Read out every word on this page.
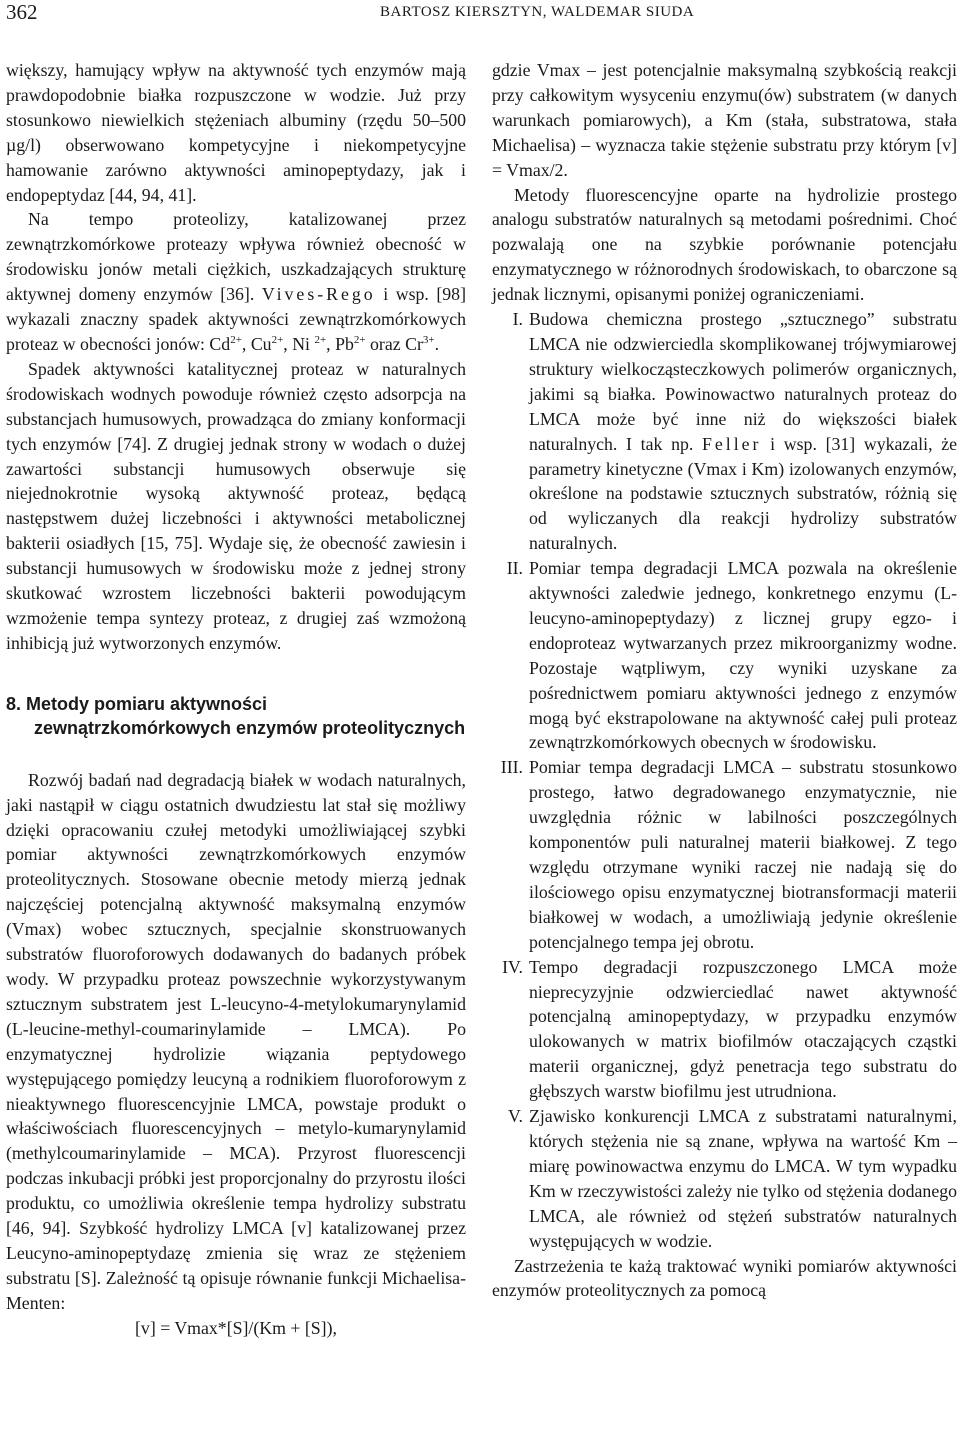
362	BARTOSZ KIERSZTYN, WALDEMAR SIUDA

większy, hamujący wpływ na aktywność tych enzymów mają prawdopodobnie białka rozpuszczone w wodzie. Już przy stosunkowo niewielkich stężeniach albuminy (rzędu 50–500 µg/l) obserwowano kompetycyjne i niekompetycyjne hamowanie zarówno aktywności aminopeptydazy, jak i endopeptydaz [44, 94, 41].

Na tempo proteolizy, katalizowanej przez zewnątrzkomórkowe proteazy wpływa również obecność w środowisku jonów metali ciężkich, uszkadzających strukturę aktywnej domeny enzymów [36]. Vives-Rego i wsp. [98] wykazali znaczny spadek aktywności zewnątrzkomórkowych proteaz w obecności jonów: $Cd^{2+}$, $Cu^{2+}$, Ni $^{2+}$, $Pb^{2+}$ oraz $Cr^{3+}$.

Spadek aktywności katalitycznej proteaz w naturalnych środowiskach wodnych powoduje również często adsorpcja na substancjach humusowych, prowadząca do zmiany konformacji tych enzymów [74]. Z drugiej jednak strony w wodach o dużej zawartości substancji humusowych obserwuje się niejednokrotnie wysoką aktywność proteaz, będącą następstwem dużej liczebności i aktywności metabolicznej bakterii osiadłych [15, 75]. Wydaje się, że obecność zawiesin i substancji humusowych w środowisku może z jednej strony skutkować wzrostem liczebności bakterii powodującym wzmożenie tempa syntezy proteaz, z drugiej zaś wzmożoną inhibicją już wytworzonych enzymów.

8. Metody pomiaru aktywności zewnątrzkomórkowych enzymów proteolitycznych

Rozwój badań nad degradacją białek w wodach naturalnych, jaki nastąpił w ciągu ostatnich dwudziestu lat stał się możliwy dzięki opracowaniu czułej metodyki umożliwiającej szybki pomiar aktywności zewnątrzkomórkowych enzymów proteolitycznych. Stosowane obecnie metody mierzą jednak najczęściej potencjalną aktywność maksymalną enzymów (Vmax) wobec sztucznych, specjalnie skonstruowanych substratów fluoroforowych dodawanych do badanych próbek wody. W przypadku proteaz powszechnie wykorzystywanym sztucznym substratem jest L-leucyno-4-metylokumarynylamid (L-leucine-methyl-coumarinylamide – LMCA). Po enzymatycznej hydrolizie wiązania peptydowego występującego pomiędzy leucyną a rodnikiem fluoroforowym z nieaktywnego fluorescencyjnie LMCA, powstaje produkt o właściwościach fluorescencyjnych – metylo-kumarynylamid (methylcoumarinylamide – MCA). Przyrost fluorescencji podczas inkubacji próbki jest proporcjonalny do przyrostu ilości produktu, co umożliwia określenie tempa hydrolizy substratu [46, 94]. Szybkość hydrolizy LMCA [v] katalizowanej przez Leucyno-aminopeptydazę zmienia się wraz ze stężeniem substratu [S]. Zależność tą opisuje równanie funkcji Michaelisa-Menten:

[v] = Vmax*[S]/(Km + [S]),

gdzie Vmax – jest potencjalnie maksymalną szybkością reakcji przy całkowitym wysyceniu enzymu(ów) substratem (w danych warunkach pomiarowych), a Km (stała, substratowa, stała Michaelisa) – wyznacza takie stężenie substratu przy którym [v] = Vmax/2.

Metody fluorescencyjne oparte na hydrolizie prostego analogu substratów naturalnych są metodami pośrednimi. Choć pozwalają one na szybkie porównanie potencjału enzymatycznego w różnorodnych środowiskach, to obarczone są jednak licznymi, opisanymi poniżej ograniczeniami.

I. Budowa chemiczna prostego „sztucznego” substratu LMCA nie odzwierciedla skomplikowanej trójwymiarowej struktury wielkocząsteczkowych polimerów organicznych, jakimi są białka. Powinowactwo naturalnych proteaz do LMCA może być inne niż do większości białek naturalnych. I tak np. Feller i wsp. [31] wykazali, że parametry kinetyczne (Vmax i Km) izolowanych enzymów, określone na podstawie sztucznych substratów, różnią się od wyliczanych dla reakcji hydrolizy substratów naturalnych.
II. Pomiar tempa degradacji LMCA pozwala na określenie aktywności zaledwie jednego, konkretnego enzymu (L-leucyno-aminopeptydazy) z licznej grupy egzo- i endoproteaz wytwarzanych przez mikroorganizmy wodne. Pozostaje wątpliwym, czy wyniki uzyskane za pośrednictwem pomiaru aktywności jednego z enzymów mogą być ekstrapolowane na aktywność całej puli proteaz zewnątrzkomórkowych obecnych w środowisku.
III. Pomiar tempa degradacji LMCA – substratu stosunkowo prostego, łatwo degradowanego enzymatycznie, nie uwzględnia różnic w labilności poszczególnych komponentów puli naturalnej materii białkowej. Z tego względu otrzymane wyniki raczej nie nadają się do ilościowego opisu enzymatycznej biotransformacji materii białkowej w wodach, a umożliwiają jedynie określenie potencjalnego tempa jej obrotu.
IV. Tempo degradacji rozpuszczonego LMCA może nieprecyzyjnie odzwierciedlać nawet aktywność potencjalną aminopeptydazy, w przypadku enzymów ulokowanych w matrix biofilmów otaczających cząstki materii organicznej, gdyż penetracja tego substratu do głębszych warstw biofilmu jest utrudniona.
V. Zjawisko konkurencji LMCA z substratami naturalnymi, których stężenia nie są znane, wpływa na wartość Km – miarę powinowactwa enzymu do LMCA. W tym wypadku Km w rzeczywistości zależy nie tylko od stężenia dodanego LMCA, ale również od stężeń substratów naturalnych występujących w wodzie.

Zastrzeżenia te każą traktować wyniki pomiarów aktywności enzymów proteolitycznych za pomocą
